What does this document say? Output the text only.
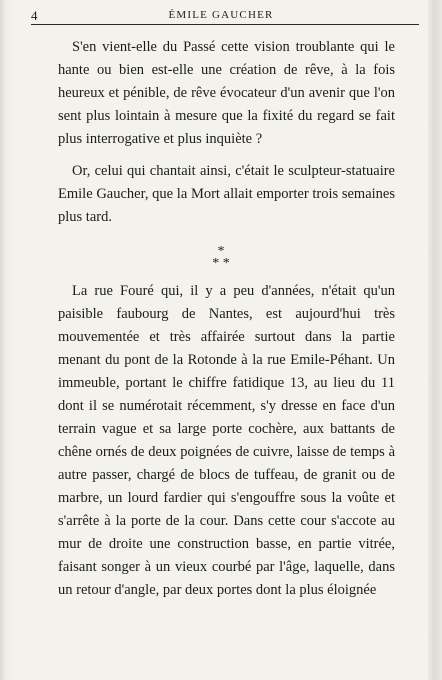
4	ÉMILE GAUCHER

S'en vient-elle du Passé cette vision troublante qui le hante ou bien est-elle une création de rêve, à la fois heureux et pénible, de rêve évocateur d'un avenir que l'on sent plus lointain à mesure que la fixité du regard se fait plus interrogative et plus inquiète ?

Or, celui qui chantait ainsi, c'était le sculpteur-statuaire Emile Gaucher, que la Mort allait emporter trois semaines plus tard.

*
* *

La rue Fouré qui, il y a peu d'années, n'était qu'un paisible faubourg de Nantes, est aujourd'hui très mouvementée et très affairée surtout dans la partie menant du pont de la Rotonde à la rue Emile-Péhant. Un immeuble, portant le chiffre fatidique 13, au lieu du 11 dont il se numérotait récemment, s'y dresse en face d'un terrain vague et sa large porte cochère, aux battants de chêne ornés de deux poignées de cuivre, laisse de temps à autre passer, chargé de blocs de tuffeau, de granit ou de marbre, un lourd fardier qui s'engouffre sous la voûte et s'arrête à la porte de la cour. Dans cette cour s'accote au mur de droite une construction basse, en partie vitrée, faisant songer à un vieux courbé par l'âge, laquelle, dans un retour d'angle, par deux portes dont la plus éloignée
